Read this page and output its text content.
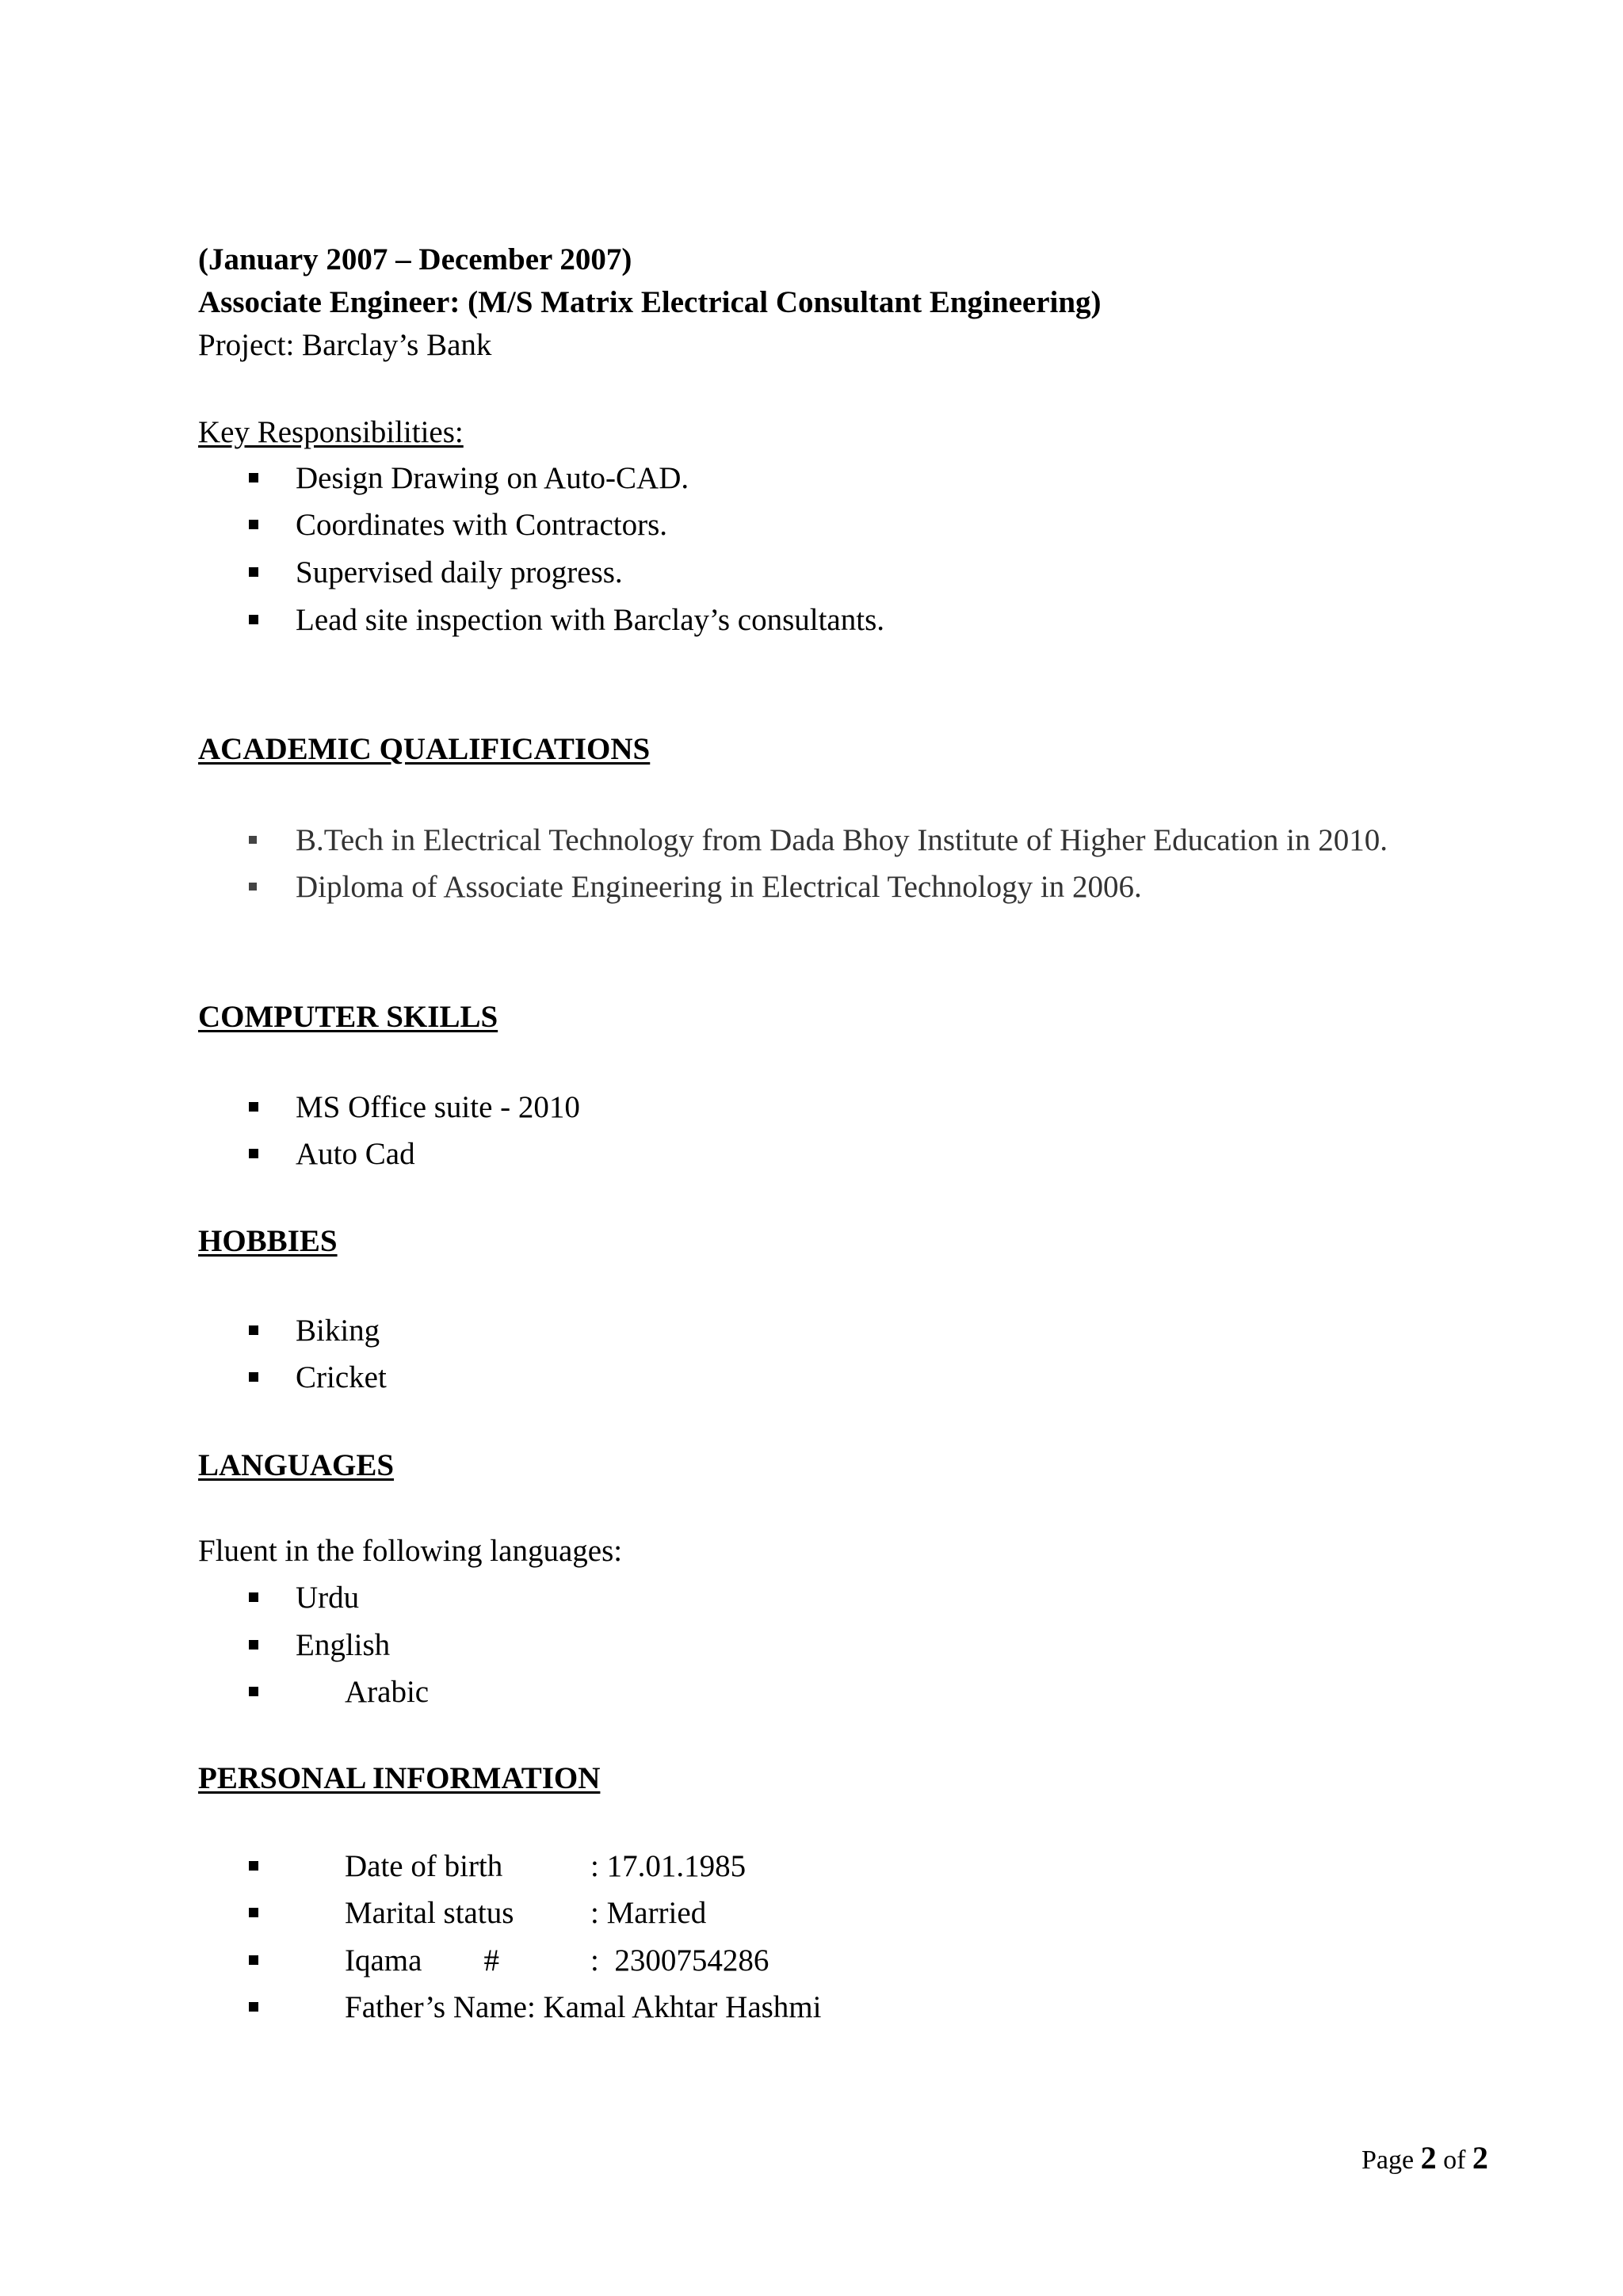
(January 2007 – December 2007)
Associate Engineer: (M/S Matrix Electrical Consultant Engineering)
Project: Barclay’s Bank
Key Responsibilities:
Design Drawing on Auto-CAD.
Coordinates with Contractors.
Supervised daily progress.
Lead site inspection with Barclay’s consultants.
ACADEMIC QUALIFICATIONS
B.Tech in Electrical Technology from Dada Bhoy Institute of Higher Education in 2010.
Diploma of Associate Engineering in Electrical Technology in 2006.
COMPUTER SKILLS
MS Office suite - 2010
Auto Cad
HOBBIES
Biking
Cricket
LANGUAGES
Fluent in the following languages:
Urdu
English
Arabic
PERSONAL INFORMATION
Date of birth	: 17.01.1985
Marital status : Married
Iqama        #	:  2300754286
Father’s Name: Kamal Akhtar Hashmi
Page 2 of 2
